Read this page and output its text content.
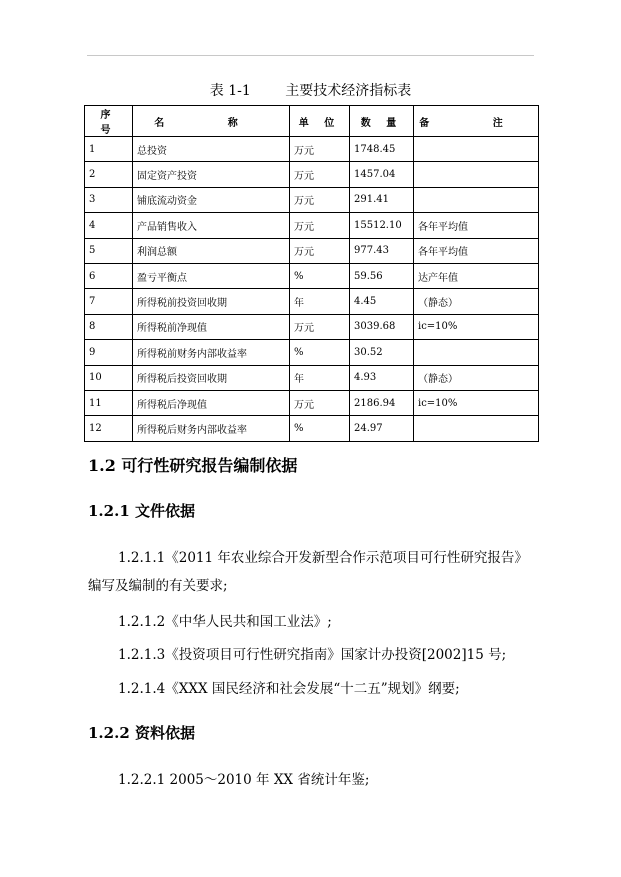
表 1-1 主要技术经济指标表
序 号	名 称	单 位	数 量	备 注
1	总投资	万元	1748.45	
2	固定资产投资	万元	1457.04	
3	铺底流动资金	万元	291.41	
4	产品销售收入	万元	15512.10	各年平均值
5	利润总额	万元	977.43	各年平均值
6	盈亏平衡点	%	59.56	达产年值
7	所得税前投资回收期	年	4.45	（静态）
8	所得税前净现值	万元	3039.68	ic=10%
9	所得税前财务内部收益率	%	30.52	
10	所得税后投资回收期	年	4.93	（静态）
11	所得税后净现值	万元	2186.94	ic=10%
12	所得税后财务内部收益率	%	24.97	
1.2 可行性研究报告编制依据
1.2.1 文件依据
1.2.1.1《2011 年农业综合开发新型合作示范项目可行性研究报告》编写及编制的有关要求;
1.2.1.2《中华人民共和国工业法》;
1.2.1.3《投资项目可行性研究指南》国家计办投资[2002]15 号;
1.2.1.4《XXX 国民经济和社会发展“十二五”规划》纲要;
1.2.2 资料依据
1.2.2.1 2005～2010 年 XX 省统计年鉴;
